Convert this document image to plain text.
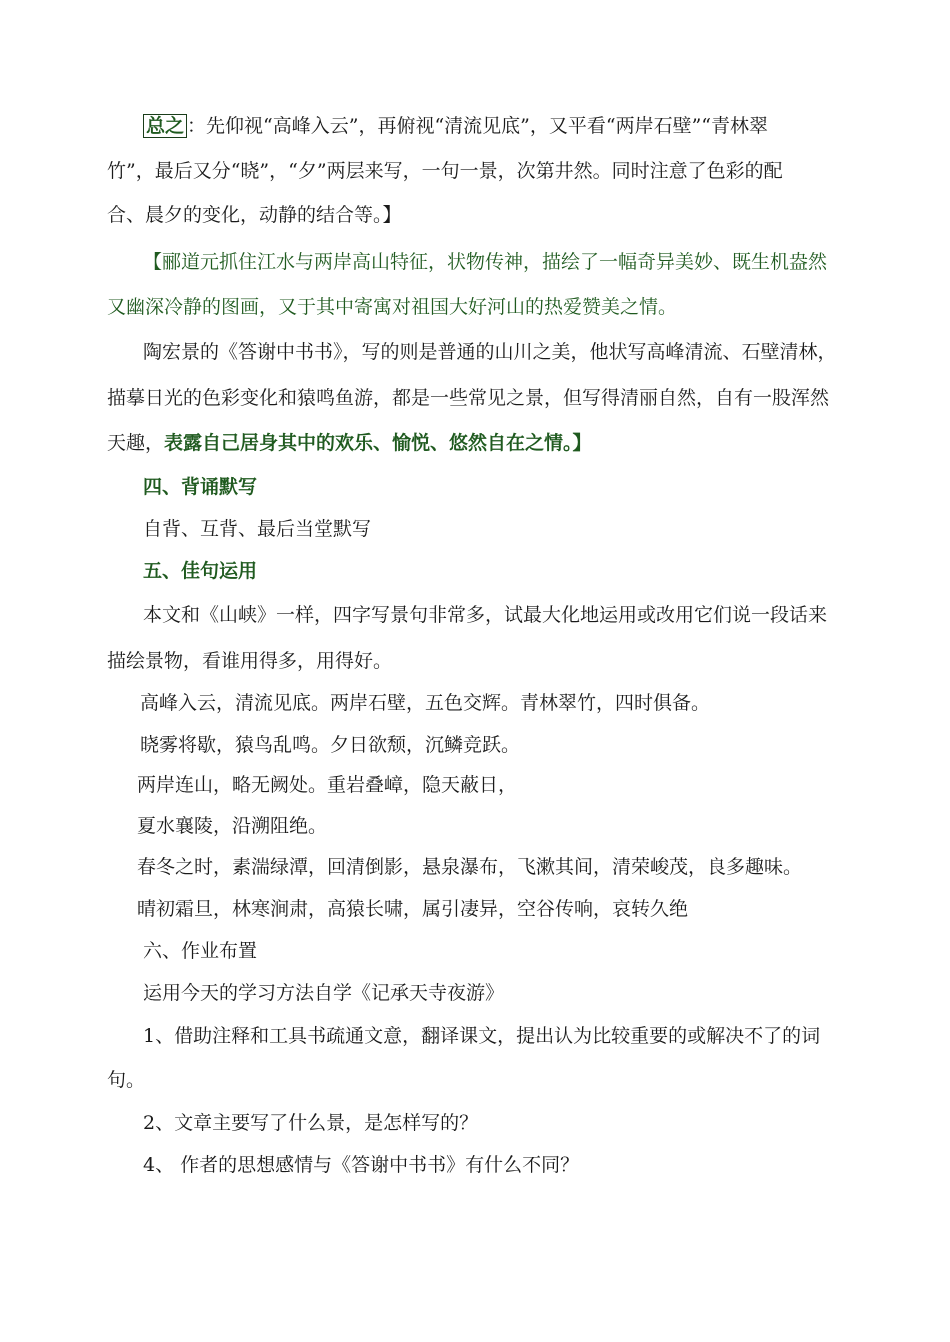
总之 ：先仰视“高峰入云”，再俯视“清流见底”，又平看“两岸石壁”“青林翠
竹”，最后又分“晓”，“夕”两层来写，一句一景，次第井然。同时注意了色彩的配
合、晨夕的变化，动静的结合等。】
【郦道元抓住江水与两岸高山特征，状物传神，描绘了一幅奇异美妙、既生机盎然
又幽深冷静的图画，又于其中寄寓对祖国大好河山的热爱赞美之情。
陶宏景的《答谢中书书》，写的则是普通的山川之美，他状写高峰清流、石壁清林，
描摹日光的色彩变化和猿鸣鱼游，都是一些常见之景，但写得清丽自然，自有一股浑然
天趣，表露自己居身其中的欢乐、愉悦、悠然自在之情。】
四、背诵默写
自背、互背、最后当堂默写
五、佳句运用
本文和《山峡》一样，四字写景句非常多，试最大化地运用或改用它们说一段话来
描绘景物，看谁用得多，用得好。
高峰入云，清流见底。两岸石壁，五色交辉。青林翠竹，四时俱备。
晓雾将歇，猿鸟乱鸣。夕日欲颓，沉鳞竞跃。
两岸连山，略无阙处。重岩叠嶂，隐天蔽日，
夏水襄陵，沿溯阻绝。
春冬之时，素湍绿潭，回清倒影，悬泉瀑布，飞漱其间，清荣峻茂，良多趣味。
晴初霜旦，林寒涧肃，高猿长啸，属引凄异，空谷传响，哀转久绝
六、作业布置
运用今天的学习方法自学《记承天寺夜游》
1、借助注释和工具书疏通文意，翻译课文，提出认为比较重要的或解决不了的词
句。
2、文章主要写了什么景，是怎样写的？
4、 作者的思想感情与《答谢中书书》有什么不同？
